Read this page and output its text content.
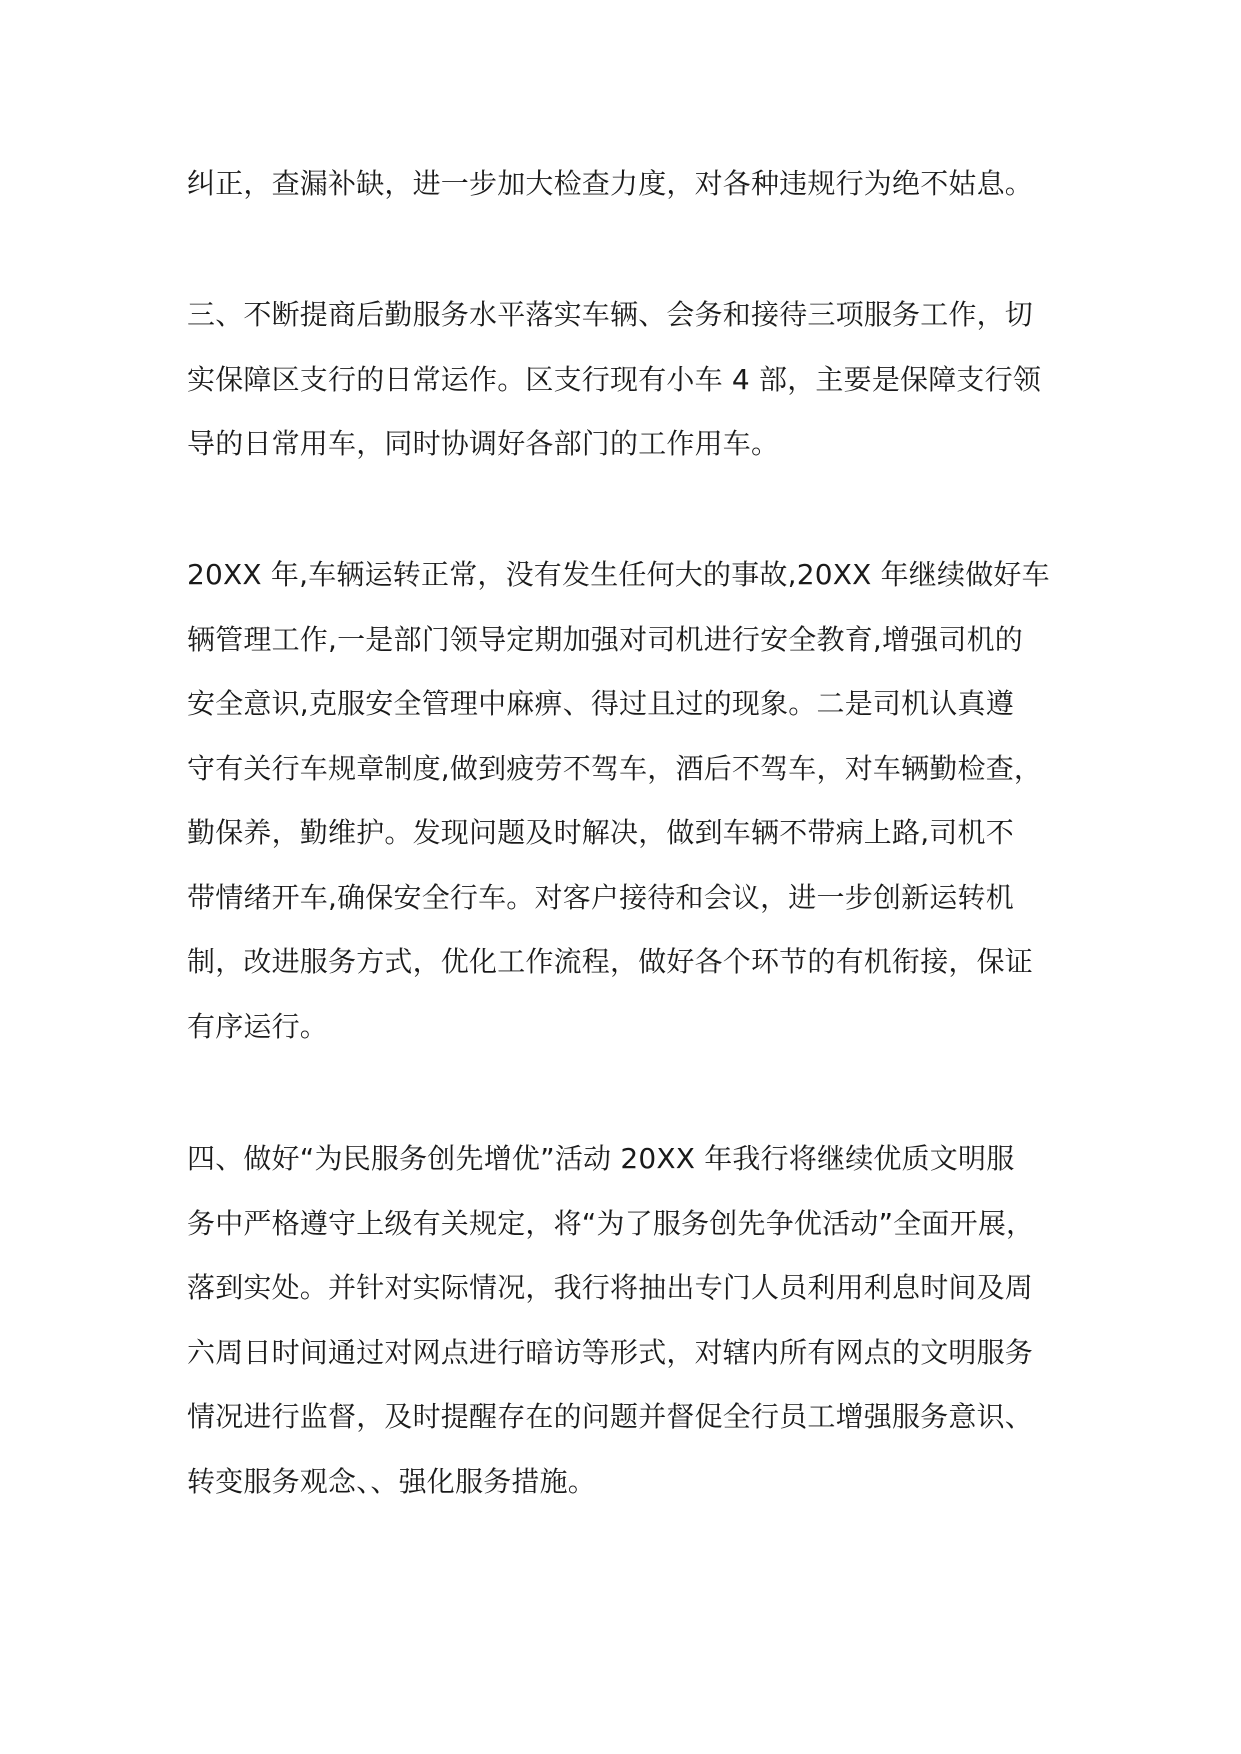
纠正，查漏补缺，进一步加大检查力度，对各种违规行为绝不姑息。
三、不断提商后勤服务水平落实车辆、会务和接待三项服务工作，切
实保障区支行的日常运作。区支行现有小车 4 部，主要是保障支行领
导的日常用车，同时协调好各部门的工作用车。
20XX 年,车辆运转正常，没有发生任何大的事故,20XX 年继续做好车
辆管理工作,一是部门领导定期加强对司机进行安全教育,增强司机的
安全意识,克服安全管理中麻痹、得过且过的现象。二是司机认真遵
守有关行车规章制度,做到疲劳不驾车，酒后不驾车，对车辆勤检查，
勤保养，勤维护。发现问题及时解决，做到车辆不带病上路,司机不
带情绪开车,确保安全行车。对客户接待和会议，进一步创新运转机
制，改进服务方式，优化工作流程，做好各个环节的有机衔接，保证
有序运行。
四、做好“为民服务创先增优”活动 20XX 年我行将继续优质文明服
务中严格遵守上级有关规定，将“为了服务创先争优活动”全面开展，
落到实处。并针对实际情况，我行将抽出专门人员利用利息时间及周
六周日时间通过对网点进行暗访等形式，对辖内所有网点的文明服务
情况进行监督，及时提醒存在的问题并督促全行员工增强服务意识、
转变服务观念、、强化服务措施。
